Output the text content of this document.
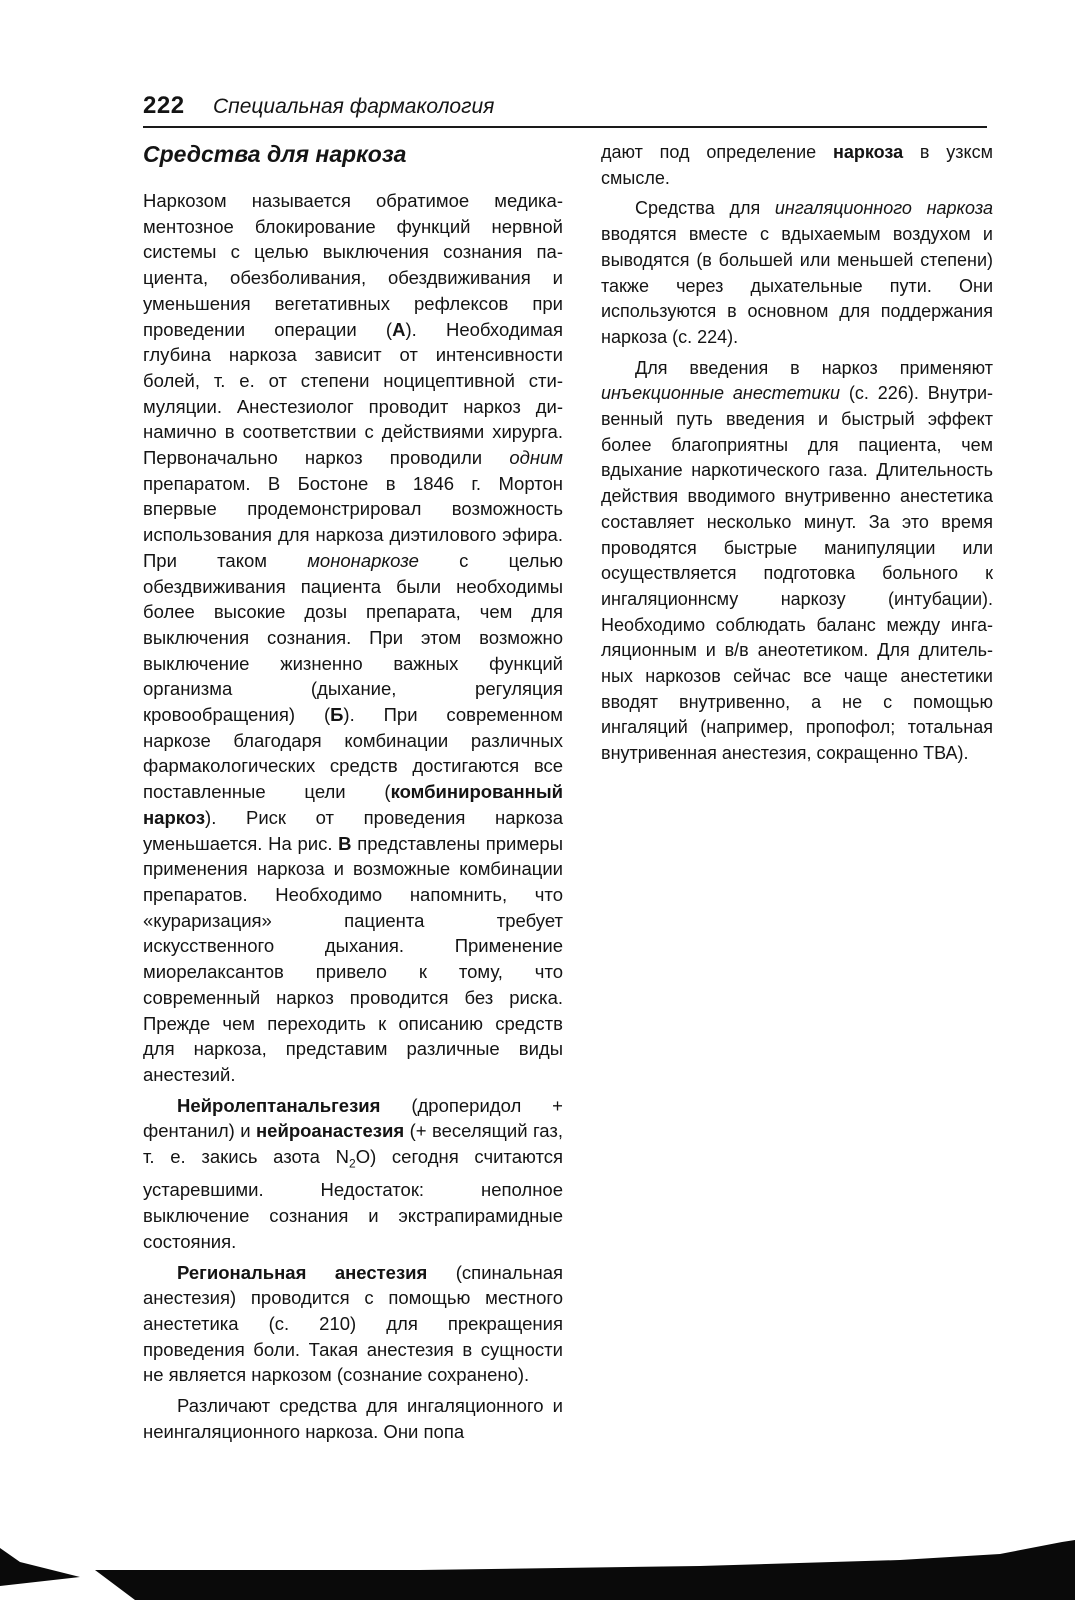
222 Специальная фармакология
Средства для наркоза

Наркозом называется обратимое медикаментозное блокирование функций нервной системы с целью выключения сознания пациента, обезболивания, обездвиживания и уменьшения вегетативных рефлексов при проведении операции (А). Необходимая глубина наркоза зависит от интенсивности болей, т. е. от степени ноцицептивной стимуляции. Анестезиолог проводит наркоз динамично в соответствии с действиями хирурга. Первоначально наркоз проводили одним препаратом. В Бостоне в 1846 г. Мортон впервые продемонстрировал возможность использования для наркоза диэтилового эфира. При таком мононаркозе с целью обездвиживания пациента были необходимы более высокие дозы препарата, чем для выключения сознания. При этом возможно выключение жизненно важных функций организма (дыхание, регуляция кровообращения) (Б). При современном наркозе благодаря комбинации различных фармакологических средств достигаются все поставленные цели (комбинированный наркоз). Риск от проведения наркоза уменьшается. На рис. В представлены примеры применения наркоза и возможные комбинации препаратов. Необходимо напомнить, что «кураризация» пациента требует искусственного дыхания. Применение миорелаксантов привело к тому, что современный наркоз проводится без риска. Прежде чем переходить к описанию средств для наркоза, представим различные виды анестезий.

Нейролептанальгезия (дроперидол + фентанил) и нейроанастезия (+ веселящий газ, т. е. закись азота $N_2O$) сегодня считаются устаревшими. Недостаток: неполное выключение сознания и экстрапирамидные состояния.

Региональная анестезия (спинальная анестезия) проводится с помощью местного анестетика (с. 210) для прекращения проведения боли. Такая анестезия в сущности не является наркозом (сознание сохранено).

Различают средства для ингаляционного и неингаляционного наркоза. Они попа

дают под определение наркоза в узксм смысле.

Средства для ингаляционного наркоза вводятся вместе с вдыхаемым воздухом и выводятся (в большей или меньшей степени) также через дыхательные пути. Они используются в основном для поддержания наркоза (с. 224).

Для введения в наркоз применяют инъекционные анестетики (с. 226). Внутривенный путь введения и быстрый эффект более благоприятны для пациента, чем вдыхание наркотического газа. Длительность действия вводимого внутривенно анестетика составляет несколько минут. За это время проводятся быстрые манипуляции или осуществляется подготовка больного к ингаляционнсму наркозу (интубации). Необходимо соблюдать баланс между ингаляционным и в/в анеотетиком. Для длительных наркозов сейчас все чаще анестетики вводят внутривенно, а не с помощью ингаляций (например, пропофол; тотальная внутривенная анестезия, сокращенно ТВА).
